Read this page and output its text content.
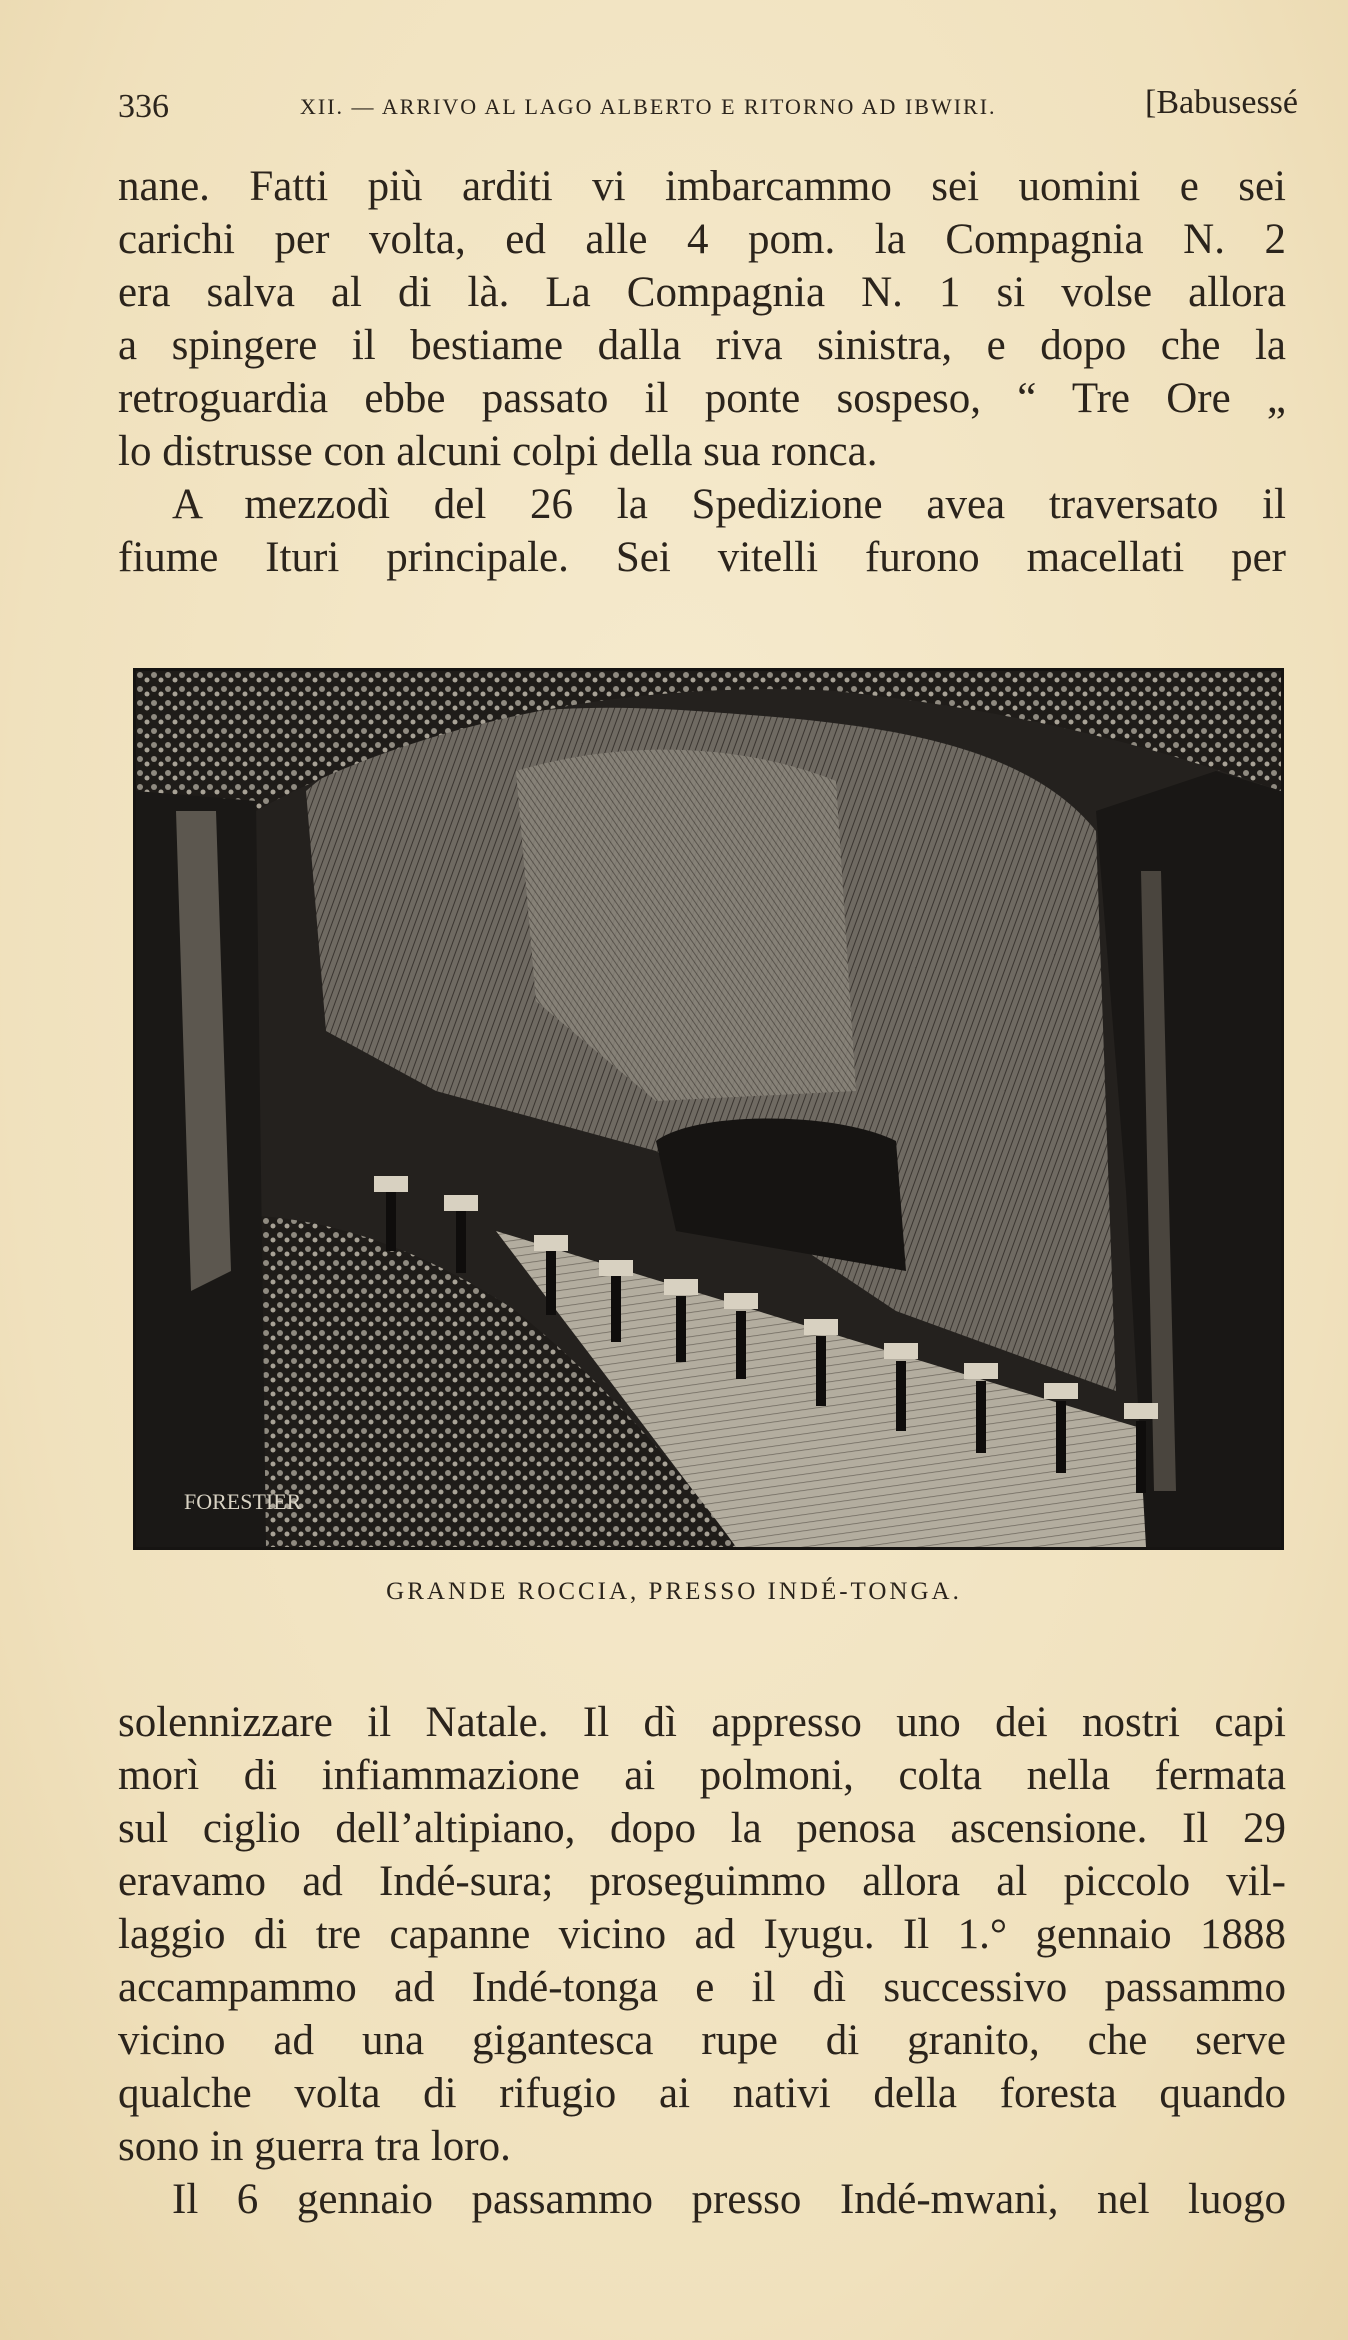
336	XII. — ARRIVO AL LAGO ALBERTO E RITORNO AD IBWIRI.	[Babusessé
nane. Fatti più arditi vi imbarcammo sei uomini e sei
carichi per volta, ed alle 4 pom. la Compagnia N. 2
era salva al di là. La Compagnia N. 1 si volse allora
a spingere il bestiame dalla riva sinistra, e dopo che la
retroguardia ebbe passato il ponte sospeso, “ Tre Ore „
lo distrusse con alcuni colpi della sua ronca.
A mezzodì del 26 la Spedizione avea traversato il
fiume Ituri principale. Sei vitelli furono macellati per
FORESTIER
GRANDE ROCCIA, PRESSO INDÉ-TONGA.
solennizzare il Natale. Il dì appresso uno dei nostri capi
morì di infiammazione ai polmoni, colta nella fermata
sul ciglio dell’altipiano, dopo la penosa ascensione. Il 29
eravamo ad Indé-sura; proseguimmo allora al piccolo vil-
laggio di tre capanne vicino ad Iyugu. Il 1.° gennaio 1888
accampammo ad Indé-tonga e il dì successivo passammo
vicino ad una gigantesca rupe di granito, che serve
qualche volta di rifugio ai nativi della foresta quando
sono in guerra tra loro.
Il 6 gennaio passammo presso Indé-mwani, nel luogo
